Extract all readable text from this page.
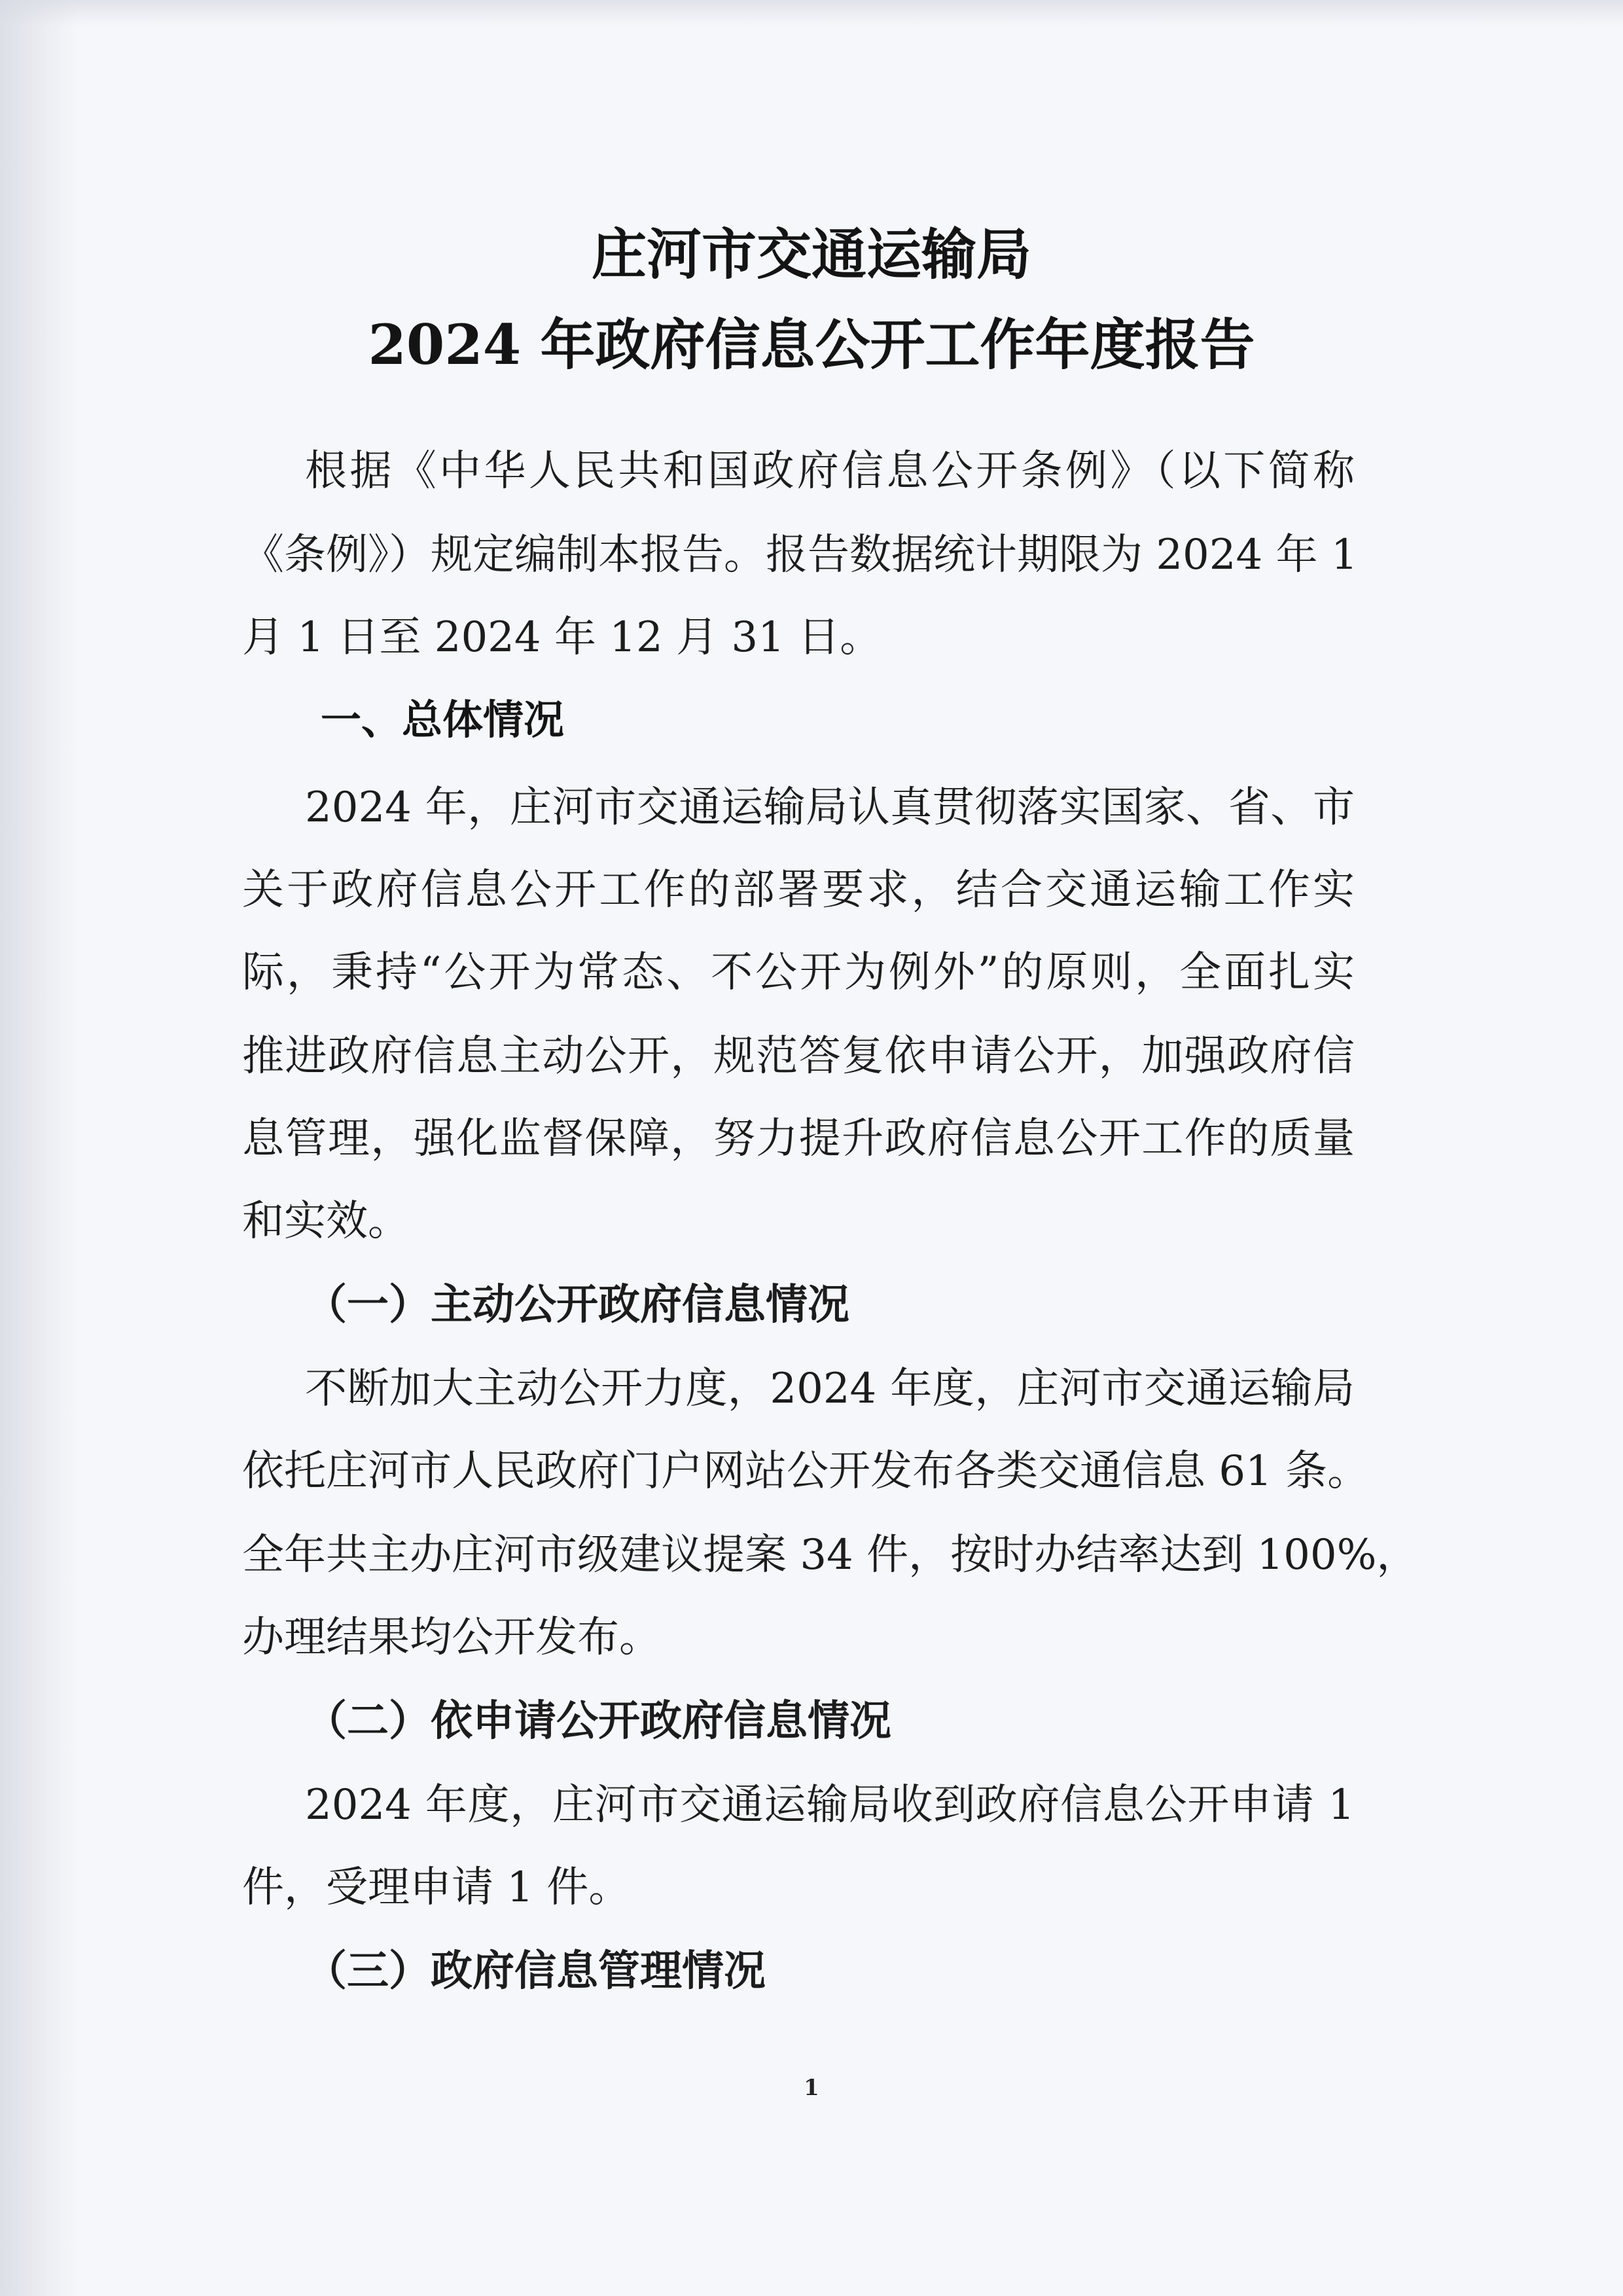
庄河市交通运输局
2024 年政府信息公开工作年度报告

根据《中华人民共和国政府信息公开条例》（以下简称

《条例》）规定编制本报告。报告数据统计期限为 2024 年 1

月 1 日至 2024 年 12 月 31 日。

一、总体情况

2024 年，庄河市交通运输局认真贯彻落实国家、省、市

关于政府信息公开工作的部署要求，结合交通运输工作实

际，秉持“公开为常态、不公开为例外”的原则，全面扎实

推进政府信息主动公开，规范答复依申请公开，加强政府信

息管理，强化监督保障，努力提升政府信息公开工作的质量

和实效。

（一）主动公开政府信息情况

不断加大主动公开力度，2024 年度，庄河市交通运输局

依托庄河市人民政府门户网站公开发布各类交通信息 61 条。

全年共主办庄河市级建议提案 34 件，按时办结率达到 100%，

办理结果均公开发布。

（二）依申请公开政府信息情况

2024 年度，庄河市交通运输局收到政府信息公开申请 1

件，受理申请 1 件。

（三）政府信息管理情况
1
